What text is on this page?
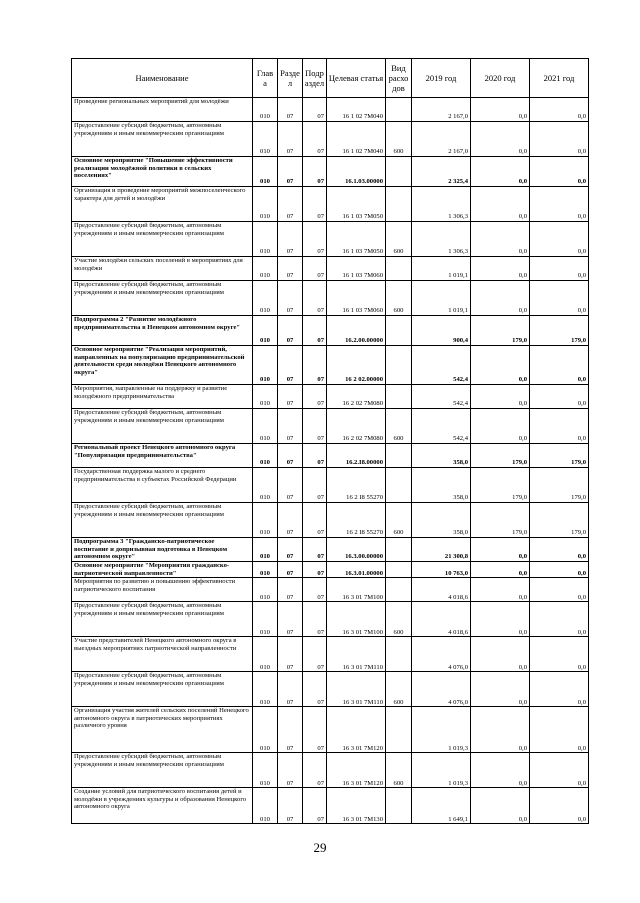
Наименование	Глав а	Разде л	Подр аздел	Целевая статья	Вид расхо дов	2019 год	2020 год	2021 год
Проведение региональных мероприятий для молодёжи	010	07	07	16 1 02 7М040		2 167,0	0,0	0,0
Предоставление субсидий бюджетным, автономным учреждениям и иным некоммерческим организациям	010	07	07	16 1 02 7М040	600	2 167,0	0,0	0,0
Основное мероприятие "Повышение эффективности реализации молодёжной политики в сельских поселениях"	010	07	07	16.1.03.00000		2 325,4	0,0	0,0
Организация и проведение мероприятий межпоселенческого характера для детей и молодёжи	010	07	07	16 1 03 7М050		1 306,3	0,0	0,0
Предоставление субсидий бюджетным, автономным учреждениям и иным некоммерческим организациям	010	07	07	16 1 03 7М050	600	1 306,3	0,0	0,0
Участие молодёжи сельских поселений в мероприятиях для молодёжи	010	07	07	16 1 03 7М060		1 019,1	0,0	0,0
Предоставление субсидий бюджетным, автономным учреждениям и иным некоммерческим организациям	010	07	07	16 1 03 7М060	600	1 019,1	0,0	0,0
Подпрограмма 2 "Развитие молодёжного предпринимательства в Ненецком автономном округе"	010	07	07	16.2.00.00000		900,4	179,0	179,0
Основное мероприятие "Реализация мероприятий, направленных на популяризацию предпринимательской деятельности среди молодёжи Ненецкого автономного округа"	010	07	07	16 2 02.00000		542,4	0,0	0,0
Мероприятия, направленные на поддержку и развитие молодёжного предпринимательства	010	07	07	16 2 02 7М080		542,4	0,0	0,0
Предоставление субсидий бюджетным, автономным учреждениям и иным некоммерческим организациям	010	07	07	16 2 02 7М080	600	542,4	0,0	0,0
Региональный проект Ненецкого автономного округа "Популяризация предпринимательства"	010	07	07	16.2.I8.00000		358,0	179,0	179,0
Государственная поддержка малого и среднего предпринимательства в субъектах Российской Федерации	010	07	07	16 2 I8 55270		358,0	179,0	179,0
Предоставление субсидий бюджетным, автономным учреждениям и иным некоммерческим организациям	010	07	07	16 2 I8 55270	600	358,0	179,0	179,0
Подпрограмма 3 "Гражданско-патриотическое воспитание и допризывная подготовка в Ненецком автономном округе"	010	07	07	16.3.00.00000		21 300,8	0,0	0,0
Основное мероприятие "Мероприятия гражданско-патриотической направленности"	010	07	07	16.3.01.00000		10 763,0	0,0	0,0
Мероприятия по развитию и повышению эффективности патриотического воспитания	010	07	07	16 3 01 7М100		4 018,6	0,0	0,0
Предоставление субсидий бюджетным, автономным учреждениям и иным некоммерческим организациям	010	07	07	16 3 01 7М100	600	4 018,6	0,0	0,0
Участие представителей Ненецкого автономного округа в выездных мероприятиях патриотической направленности	010	07	07	16 3 01 7М110		4 076,0	0,0	0,0
Предоставление субсидий бюджетным, автономным учреждениям и иным некоммерческим организациям	010	07	07	16 3 01 7М110	600	4 076,0	0,0	0,0
Организация участия жителей сельских поселений Ненецкого автономного округа в патриотических мероприятиях различного уровня	010	07	07	16 3 01 7М120		1 019,3	0,0	0,0
Предоставление субсидий бюджетным, автономным учреждениям и иным некоммерческим организациям	010	07	07	16 3 01 7М120	600	1 019,3	0,0	0,0
Создание условий для патриотического воспитания детей и молодёжи в учреждениях культуры и образования Ненецкого автономного округа	010	07	07	16 3 01 7М130		1 649,1	0,0	0,0
29
